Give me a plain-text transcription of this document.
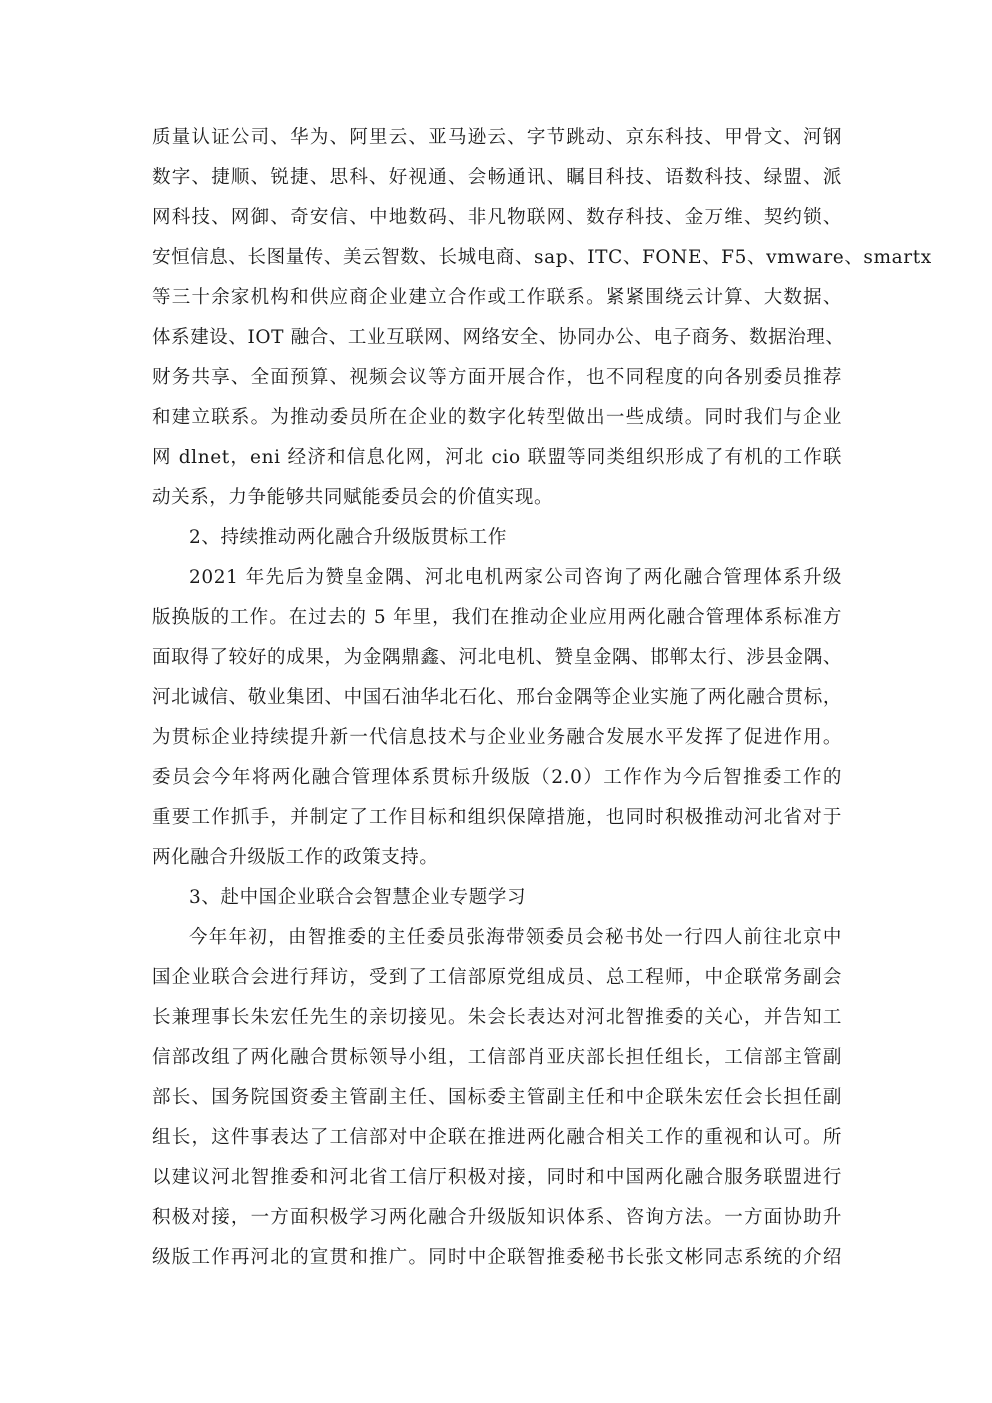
质量认证公司、华为、阿里云、亚马逊云、字节跳动、京东科技、甲骨文、河钢
数字、捷顺、锐捷、思科、好视通、会畅通讯、瞩目科技、语数科技、绿盟、派
网科技、网御、奇安信、中地数码、非凡物联网、数存科技、金万维、契约锁、
安恒信息、长图量传、美云智数、长城电商、sap、ITC、FONE、F5、vmware、smartx
等三十余家机构和供应商企业建立合作或工作联系。紧紧围绕云计算、大数据、
体系建设、IOT 融合、工业互联网、网络安全、协同办公、电子商务、数据治理、
财务共享、全面预算、视频会议等方面开展合作，也不同程度的向各别委员推荐
和建立联系。为推动委员所在企业的数字化转型做出一些成绩。同时我们与企业
网 dlnet，eni 经济和信息化网，河北 cio 联盟等同类组织形成了有机的工作联
动关系，力争能够共同赋能委员会的价值实现。
2、持续推动两化融合升级版贯标工作
2021 年先后为赞皇金隅、河北电机两家公司咨询了两化融合管理体系升级
版换版的工作。在过去的 5 年里，我们在推动企业应用两化融合管理体系标准方
面取得了较好的成果，为金隅鼎鑫、河北电机、赞皇金隅、邯郸太行、涉县金隅、
河北诚信、敬业集团、中国石油华北石化、邢台金隅等企业实施了两化融合贯标，
为贯标企业持续提升新一代信息技术与企业业务融合发展水平发挥了促进作用。
委员会今年将两化融合管理体系贯标升级版（2.0）工作作为今后智推委工作的
重要工作抓手，并制定了工作目标和组织保障措施，也同时积极推动河北省对于
两化融合升级版工作的政策支持。
3、赴中国企业联合会智慧企业专题学习
今年年初，由智推委的主任委员张海带领委员会秘书处一行四人前往北京中
国企业联合会进行拜访，受到了工信部原党组成员、总工程师，中企联常务副会
长兼理事长朱宏任先生的亲切接见。朱会长表达对河北智推委的关心，并告知工
信部改组了两化融合贯标领导小组，工信部肖亚庆部长担任组长，工信部主管副
部长、国务院国资委主管副主任、国标委主管副主任和中企联朱宏任会长担任副
组长，这件事表达了工信部对中企联在推进两化融合相关工作的重视和认可。所
以建议河北智推委和河北省工信厅积极对接，同时和中国两化融合服务联盟进行
积极对接，一方面积极学习两化融合升级版知识体系、咨询方法。一方面协助升
级版工作再河北的宣贯和推广。同时中企联智推委秘书长张文彬同志系统的介绍
